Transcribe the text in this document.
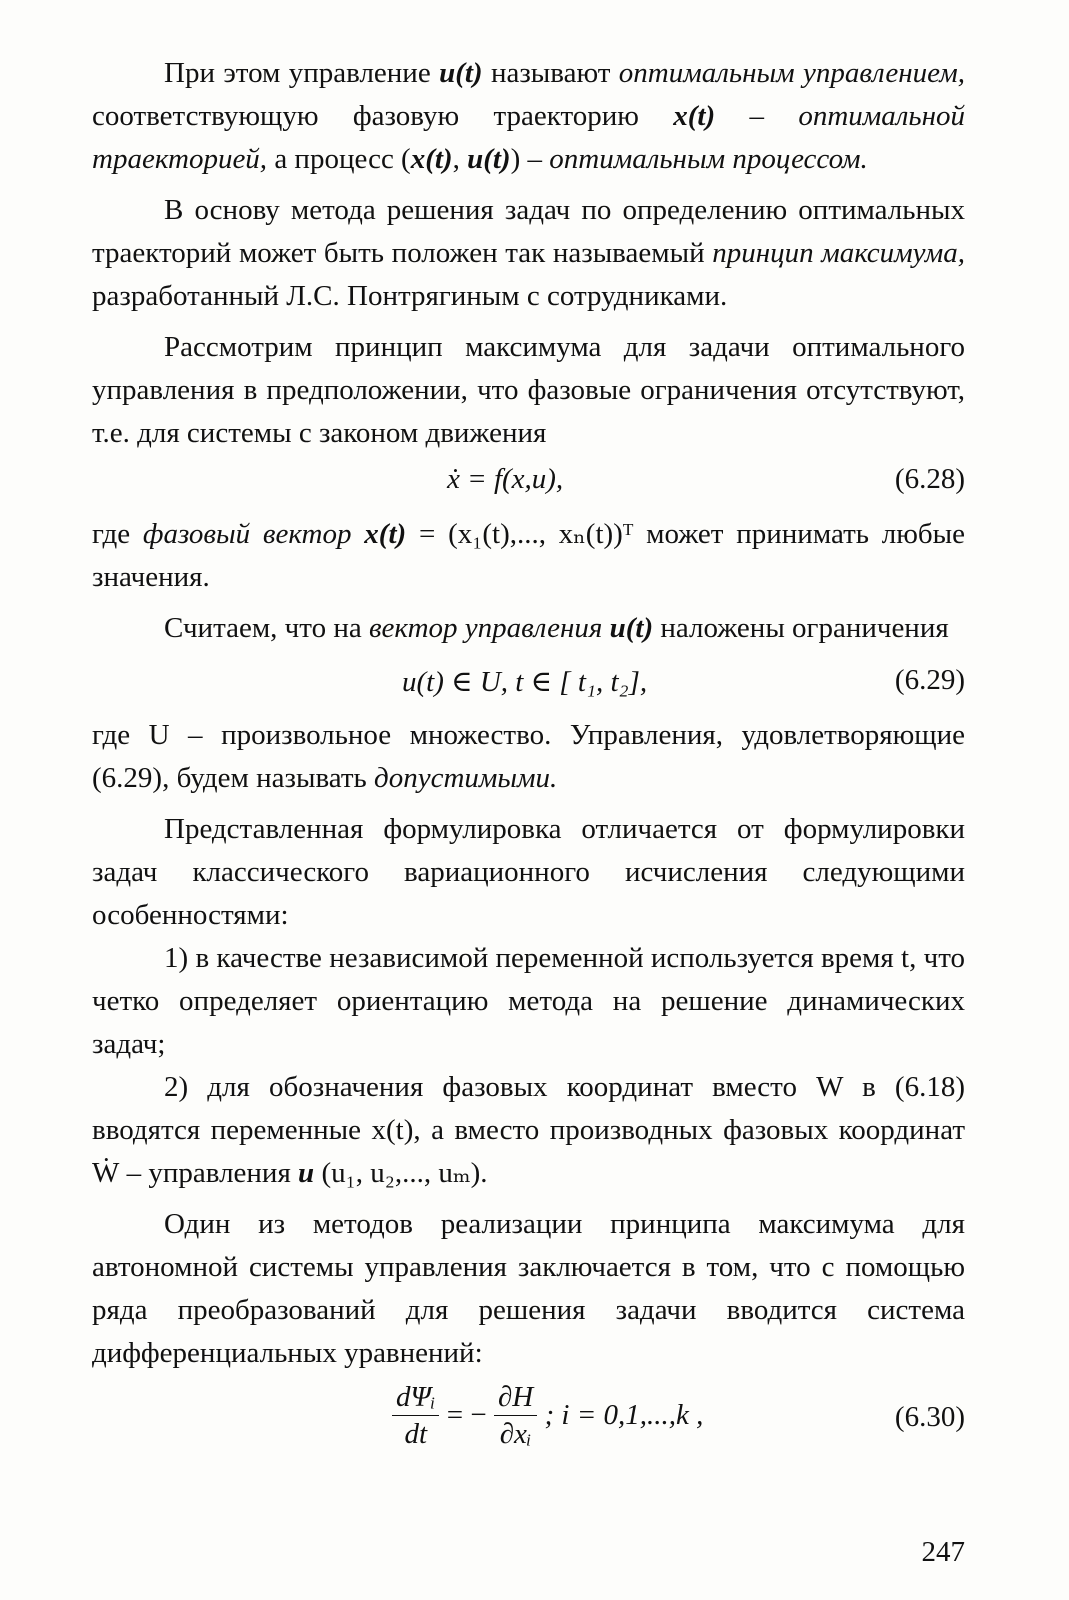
При этом управление u(t) называют оптимальным управлением, соответствующую фазовую траекторию x(t) – оптимальной траекторией, а процесс (x(t), u(t)) – оптимальным процессом.

В основу метода решения задач по определению оптимальных траекторий может быть положен так называемый принцип максимума, разработанный Л.С. Понтрягиным с сотрудниками.

Рассмотрим принцип максимума для задачи оптимального управления в предположении, что фазовые ограничения отсутствуют, т.е. для системы с законом движения

ẋ = f(x,u),	(6.28)

где фазовый вектор x(t) = (x₁(t),..., xₙ(t))ᵀ может принимать любые значения.

Считаем, что на вектор управления u(t) наложены ограничения

u(t) ∈ U, t ∈ [ t₁, t₂],	(6.29)

где U – произвольное множество. Управления, удовлетворяющие (6.29), будем называть допустимыми.

Представленная формулировка отличается от формулировки задач классического вариационного исчисления следующими особенностями:

1) в качестве независимой переменной используется время t, что четко определяет ориентацию метода на решение динамических задач;

2) для обозначения фазовых координат вместо W в (6.18) вводятся переменные x(t), а вместо производных фазовых координат Ẇ – управления u (u₁, u₂,..., uₘ).

Один из методов реализации принципа максимума для автономной системы управления заключается в том, что с помощью ряда преобразований для решения задачи вводится система дифференциальных уравнений:

$\frac{\text{dΨᵢ}}{dt}$ = − $\frac{\partial H}{\text{∂xᵢ}}$ ; i = 0,1,...,k ,	(6.30)
247
